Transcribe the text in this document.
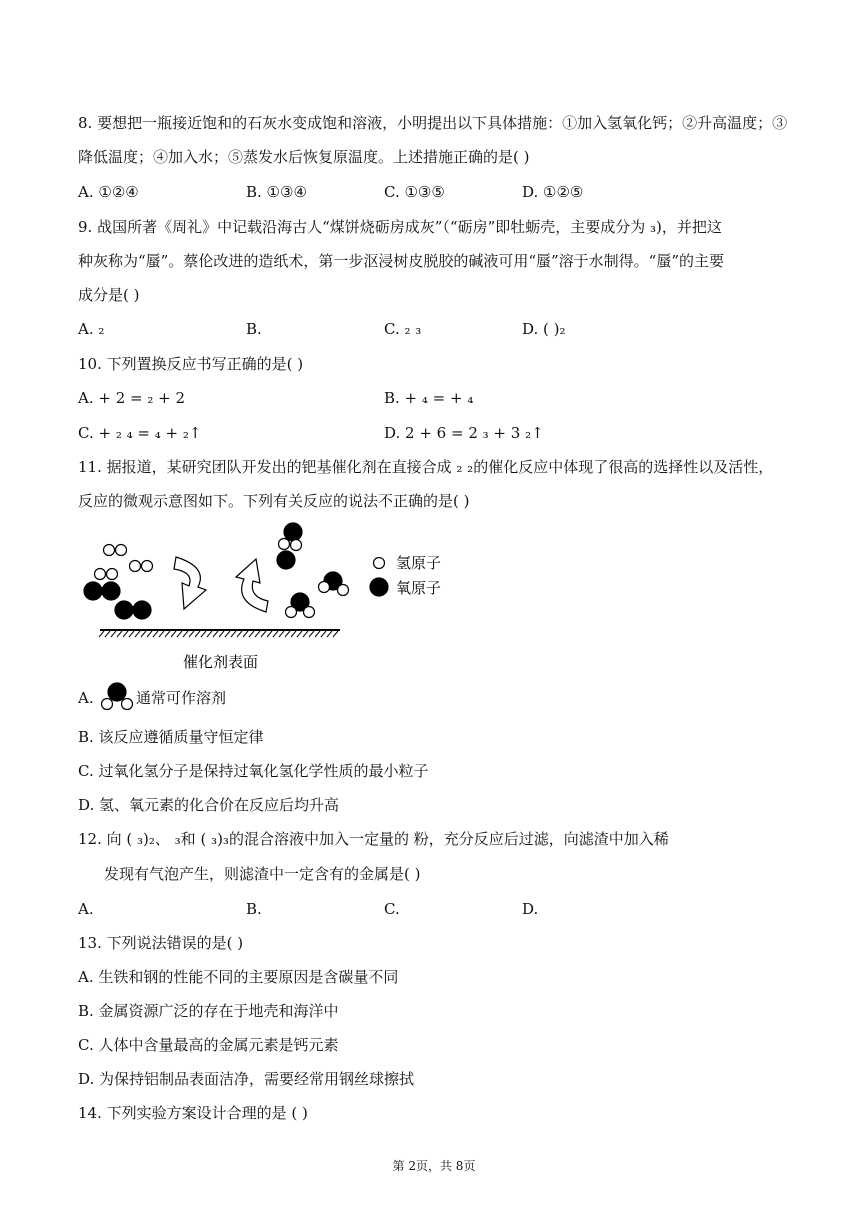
8. 要想把一瓶接近饱和的石灰水变成饱和溶液，小明提出以下具体措施：①加入氢氧化钙；②升高温度；③
降低温度；④加入水；⑤蒸发水后恢复原温度。上述措施正确的是( )
A. ①②④	B. ①③④	C. ①③⑤	D. ①②⑤
9. 战国所著《周礼》中记载沿海古人“煤饼烧砺房成灰”（“砺房”即牡蛎壳，主要成分为 ₃)，并把这
种灰称为“蜃”。蔡伦改进的造纸术，第一步沤浸树皮脱胶的碱液可用“蜃”溶于水制得。“蜃”的主要
成分是( )
A. ₂	B.	C. ₂ ₃	D. ( )₂
10. 下列置换反应书写正确的是( )
A. + 2 = ₂ + 2	B. + ₄ = + ₄
C. + ₂ ₄ = ₄ + ₂↑	D. 2 + 6 = 2 ₃ + 3 ₂↑
11. 据报道，某研究团队开发出的钯基催化剂在直接合成 ₂ ₂的催化反应中体现了很高的选择性以及活性，
反应的微观示意图如下。下列有关反应的说法不正确的是( )
氢原子
氧原子
催化剂表面
A.	通常可作溶剂
B. 该反应遵循质量守恒定律
C. 过氧化氢分子是保持过氧化氢化学性质的最小粒子
D. 氢、氧元素的化合价在反应后均升高
12. 向 ( ₃)₂、 ₃和 ( ₃)₃的混合溶液中加入一定量的 粉，充分反应后过滤，向滤渣中加入稀
发现有气泡产生，则滤渣中一定含有的金属是( )
A.	B.	C.	D.
13. 下列说法错误的是( )
A. 生铁和钢的性能不同的主要原因是含碳量不同
B. 金属资源广泛的存在于地壳和海洋中
C. 人体中含量最高的金属元素是钙元素
D. 为保持铝制品表面洁净，需要经常用钢丝球擦拭
14. 下列实验方案设计合理的是 ( )
第 2页，共 8页
